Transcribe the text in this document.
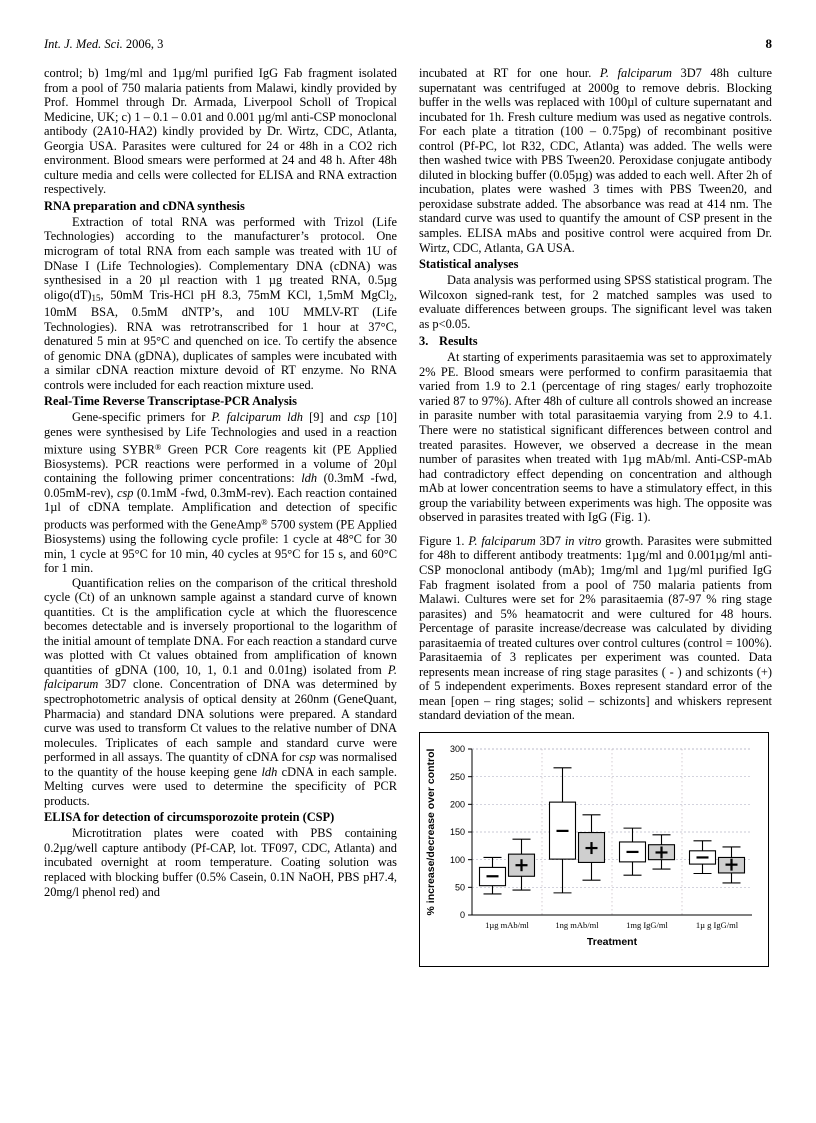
Int. J. Med. Sci. 2006, 3	8

control; b) 1mg/ml and 1µg/ml purified IgG Fab fragment isolated from a pool of 750 malaria patients from Malawi, kindly provided by Prof. Hommel through Dr. Armada, Liverpool Scholl of Tropical Medicine, UK; c) 1 – 0.1 – 0.01 and 0.001 µg/ml anti-CSP monoclonal antibody (2A10-HA2) kindly provided by Dr. Wirtz, CDC, Atlanta, Georgia USA. Parasites were cultured for 24 or 48h in a CO2 rich environment. Blood smears were performed at 24 and 48 h. After 48h culture media and cells were collected for ELISA and RNA extraction respectively.

RNA preparation and cDNA synthesis

Extraction of total RNA was performed with Trizol (Life Technologies) according to the manufacturer’s protocol. One microgram of total RNA from each sample was treated with 1U of DNase I (Life Technologies). Complementary DNA (cDNA) was synthesised in a 20 µl reaction with 1 µg treated RNA, 0.5µg $oligo(dT)_{15}$, 50mM Tris-HCl pH 8.3, 75mM KCl, 1,5mM MgCl$_2$, 10mM BSA, 0.5mM dNTP’s, and 10U MMLV-RT (Life Technologies). RNA was retrotranscribed for 1 hour at 37°C, denatured 5 min at 95°C and quenched on ice. To certify the absence of genomic DNA (gDNA), duplicates of samples were incubated with a similar cDNA reaction mixture devoid of RT enzyme. No RNA controls were included for each reaction mixture used.

Real-Time Reverse Transcriptase-PCR Analysis

Gene-specific primers for P. falciparum ldh [9] and csp [10] genes were synthesised by Life Technologies and used in a reaction mixture using SYBR® Green PCR Core reagents kit (PE Applied Biosystems). PCR reactions were performed in a volume of 20µl containing the following primer concentrations: ldh (0.3mM -fwd, 0.05mM-rev), csp (0.1mM -fwd, 0.3mM-rev). Each reaction contained 1µl of cDNA template. Amplification and detection of specific products was performed with the GeneAmp® 5700 system (PE Applied Biosystems) using the following cycle profile: 1 cycle at 48°C for 30 min, 1 cycle at 95°C for 10 min, 40 cycles at 95°C for 15 s, and 60°C for 1 min.

Quantification relies on the comparison of the critical threshold cycle (Ct) of an unknown sample against a standard curve of known quantities. Ct is the amplification cycle at which the fluorescence becomes detectable and is inversely proportional to the logarithm of the initial amount of template DNA. For each reaction a standard curve was plotted with Ct values obtained from amplification of known quantities of gDNA (100, 10, 1, 0.1 and 0.01ng) isolated from P. falciparum 3D7 clone. Concentration of DNA was determined by spectrophotometric analysis of optical density at 260nm (GeneQuant, Pharmacia) and standard DNA solutions were prepared. A standard curve was used to transform Ct values to the relative number of DNA molecules. Triplicates of each sample and standard curve were performed in all assays. The quantity of cDNA for csp was normalised to the quantity of the house keeping gene ldh cDNA in each sample. Melting curves were used to determine the specificity of PCR products.

ELISA for detection of circumsporozoite protein (CSP)

Microtitration plates were coated with PBS containing 0.2µg/well capture antibody (Pf-CAP, lot. TF097, CDC, Atlanta) and incubated overnight at room temperature. Coating solution was replaced with blocking buffer (0.5% Casein, 0.1N NaOH, PBS pH7.4, 20mg/l phenol red) and

incubated at RT for one hour. P. falciparum 3D7 48h culture supernatant was centrifuged at 2000g to remove debris. Blocking buffer in the wells was replaced with 100µl of culture supernatant and incubated for 1h. Fresh culture medium was used as negative controls. For each plate a titration (100 – 0.75pg) of recombinant positive control (Pf-PC, lot R32, CDC, Atlanta) was added. The wells were then washed twice with PBS Tween20. Peroxidase conjugate antibody diluted in blocking buffer (0.05µg) was added to each well. After 2h of incubation, plates were washed 3 times with PBS Tween20, and peroxidase substrate added. The absorbance was read at 414 nm. The standard curve was used to quantify the amount of CSP present in the samples. ELISA mAbs and positive control were acquired from Dr. Wirtz, CDC, Atlanta, GA USA.

Statistical analyses

Data analysis was performed using SPSS statistical program. The Wilcoxon signed-rank test, for 2 matched samples was used to evaluate differences between groups. The significant level was taken as p<0.05.

3. Results

At starting of experiments parasitaemia was set to approximately 2% PE. Blood smears were performed to confirm parasitaemia that varied from 1.9 to 2.1 (percentage of ring stages/ early trophozoite varied 87 to 97%). After 48h of culture all controls showed an increase in parasite number with total parasitaemia varying from 2.9 to 4.1. There were no statistical significant differences between control and treated parasites. However, we observed a decrease in the mean number of parasites when treated with 1µg mAb/ml. Anti-CSP-mAb had contradictory effect depending on concentration and although mAb at lower concentration seems to have a stimulatory effect, in this group the variability between experiments was high. The opposite was observed in parasites treated with IgG (Fig. 1).

Figure 1. P. falciparum 3D7 in vitro growth. Parasites were submitted for 48h to different antibody treatments: 1µg/ml and 0.001µg/ml anti-CSP monoclonal antibody (mAb); 1mg/ml and 1µg/ml purified IgG Fab fragment isolated from a pool of 750 malaria patients from Malawi. Cultures were set for 2% parasitaemia (87-97 % ring stage parasites) and 5% heamatocrit and were cultured for 48 hours. Percentage of parasite increase/decrease was calculated by dividing parasitaemia of treated cultures over control cultures (control = 100%). Parasitaemia of 3 replicates per experiment was counted. Data represents mean increase of ring stage parasites ( - ) and schizonts (+) of 5 independent experiments. Boxes represent standard error of the mean [open – ring stages; solid – schizonts] and whiskers represent standard deviation of the mean.

0
50
100
150
200
250
300
1µg mAb/ml	1ng mAb/ml	1mg IgG/ml	1µ g IgG/ml
Treatment
% increase/decrease over control
